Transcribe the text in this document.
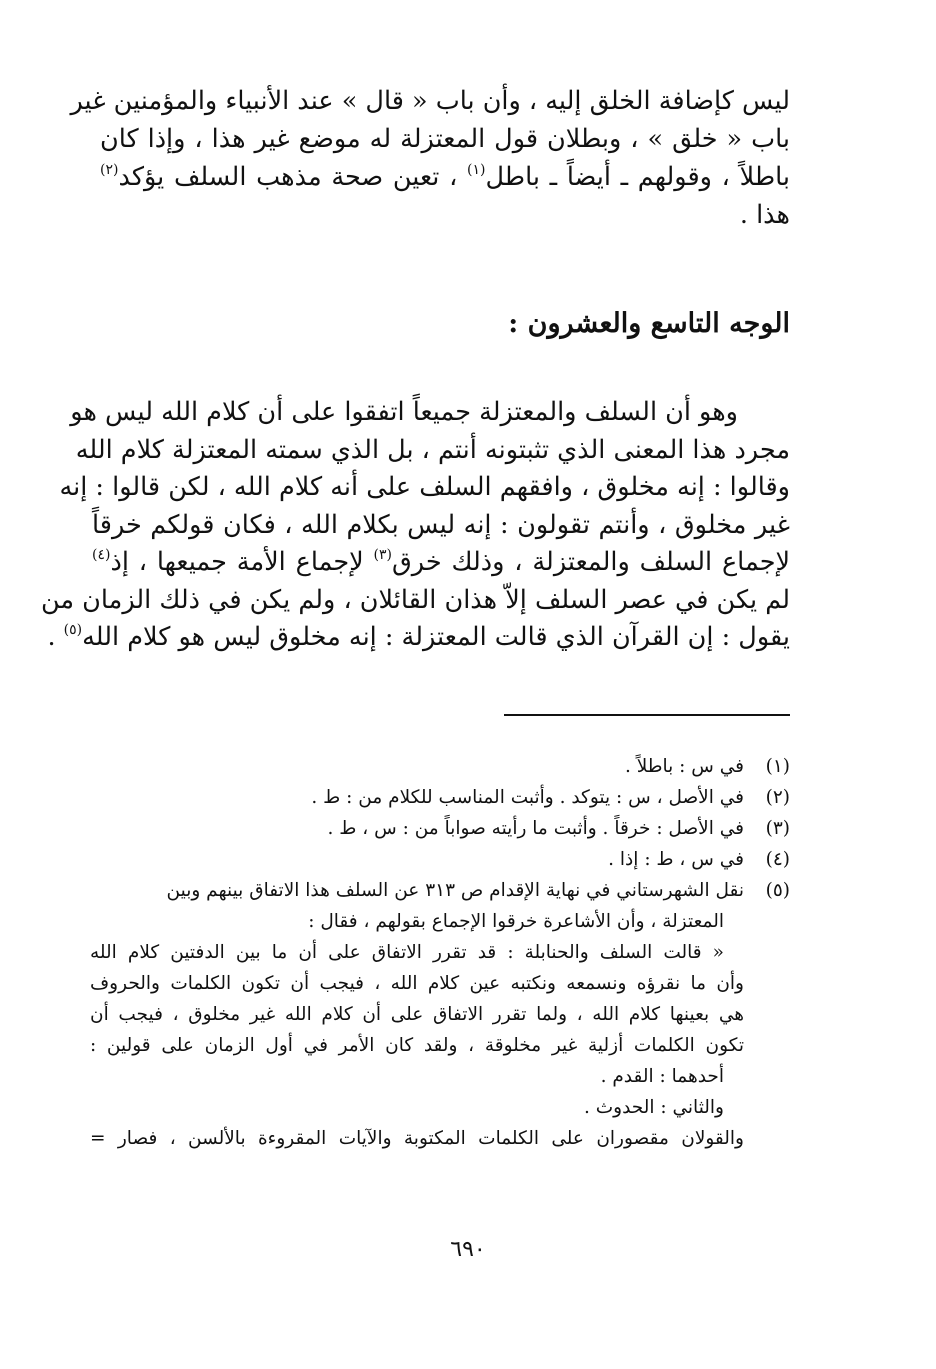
ليس كإضافة الخلق إليه ، وأن باب « قال » عند الأنبياء والمؤمنين غير
باب « خلق » ، وبطلان قول المعتزلة له موضع غير هذا ، وإذا كان
باطلاً ، وقولهم ـ أيضاً ـ باطل$^{(١)}$ ، تعين صحة مذهب السلف يؤكد$^{(٢)}$
هذا .
الوجه التاسع والعشرون :
وهو أن السلف والمعتزلة جميعاً اتفقوا على أن كلام الله ليس هو
مجرد هذا المعنى الذي تثبتونه أنتم ، بل الذي سمته المعتزلة كلام الله
وقالوا : إنه مخلوق ، وافقهم السلف على أنه كلام الله ، لكن قالوا : إنه
غير مخلوق ، وأنتم تقولون : إنه ليس بكلام الله ، فكان قولكم خرقاً
لإجماع السلف والمعتزلة ، وذلك خرق$^{(٣)}$ لإجماع الأمة جميعها ، إذ$^{(٤)}$
لم يكن في عصر السلف إلاّ هذان القائلان ، ولم يكن في ذلك الزمان من
يقول : إن القرآن الذي قالت المعتزلة : إنه مخلوق ليس هو كلام الله$^{(٥)}$ .
(١)في س : باطلاً .
(٢)في الأصل ، س : يتوكد . وأثبت المناسب للكلام من : ط .
(٣)في الأصل : خرقاً . وأثبت ما رأيته صواباً من : س ، ط .
(٤)في س ، ط : إذا .
(٥)نقل الشهرستاني في نهاية الإقدام ص ٣١٣ عن السلف هذا الاتفاق بينهم وبين
المعتزلة ، وأن الأشاعرة خرقوا الإجماع بقولهم ، فقال :
« قالت السلف والحنابلة : قد تقرر الاتفاق على أن ما بين الدفتين كلام الله
وأن ما نقرؤه ونسمعه ونكتبه عين كلام الله ، فيجب أن تكون الكلمات والحروف
هي بعينها كلام الله ، ولما تقرر الاتفاق على أن كلام الله غير مخلوق ، فيجب أن
تكون الكلمات أزلية غير مخلوقة ، ولقد كان الأمر في أول الزمان على قولين :
أحدهما : القدم .
والثاني : الحدوث .
والقولان مقصوران على الكلمات المكتوبة والآيات المقروءة بالألسن ، فصار =
٦٩٠
